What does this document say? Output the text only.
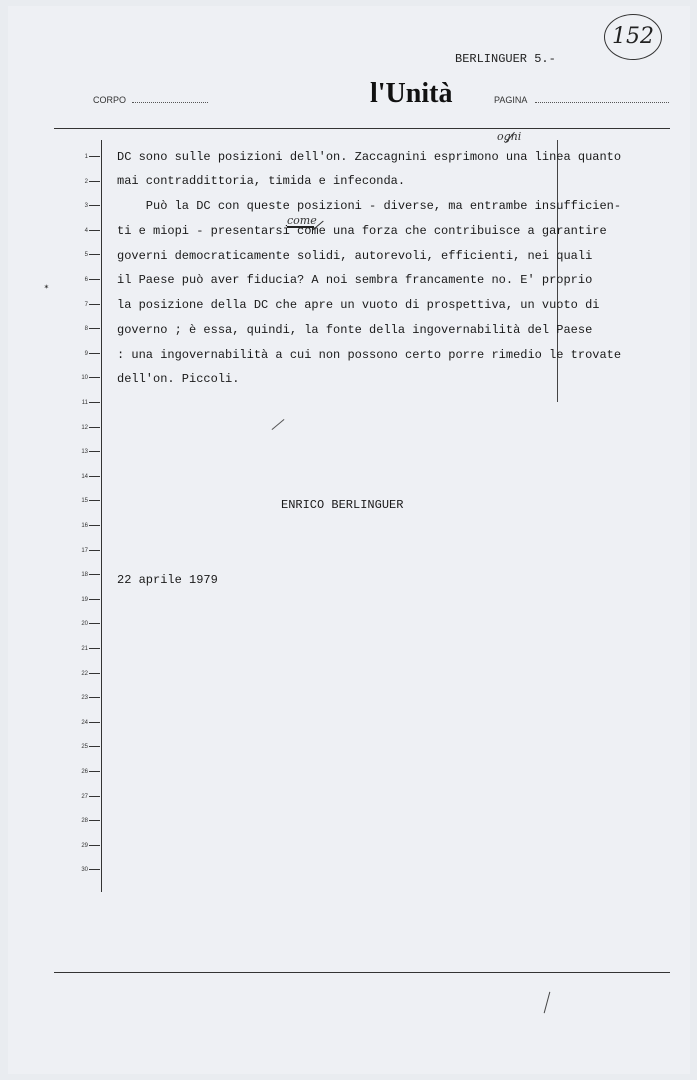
152
BERLINGUER 5.-
l'Unità
CORPO	PAGINA
1
2
3
4
5
6
7
8
9
10
11
12
13
14
15
16
17
18
19
20
21
22
23
24
25
26
27
28
29
30
DC sono sulle posizioni dell'on. Zaccagnini esprimono una linea quanto
mai contraddittoria, timida e infeconda.
Può la DC con queste posizioni - diverse, ma entrambe insufficien-
ti e miopi - presentarsi come una forza che contribuisce a garantire
governi democraticamente solidi, autorevoli, efficienti, nei quali
il Paese può aver fiducia? A noi sembra francamente no. E' proprio
la posizione della DC che apre un vuoto di prospettiva, un vuoto di
governo ; è essa, quindi, la fonte della ingovernabilità del Paese
: una ingovernabilità a cui non possono certo porre rimedio le trovate
dell'on. Piccoli.
ogni
come
✶
ENRICO BERLINGUER
22 aprile 1979
